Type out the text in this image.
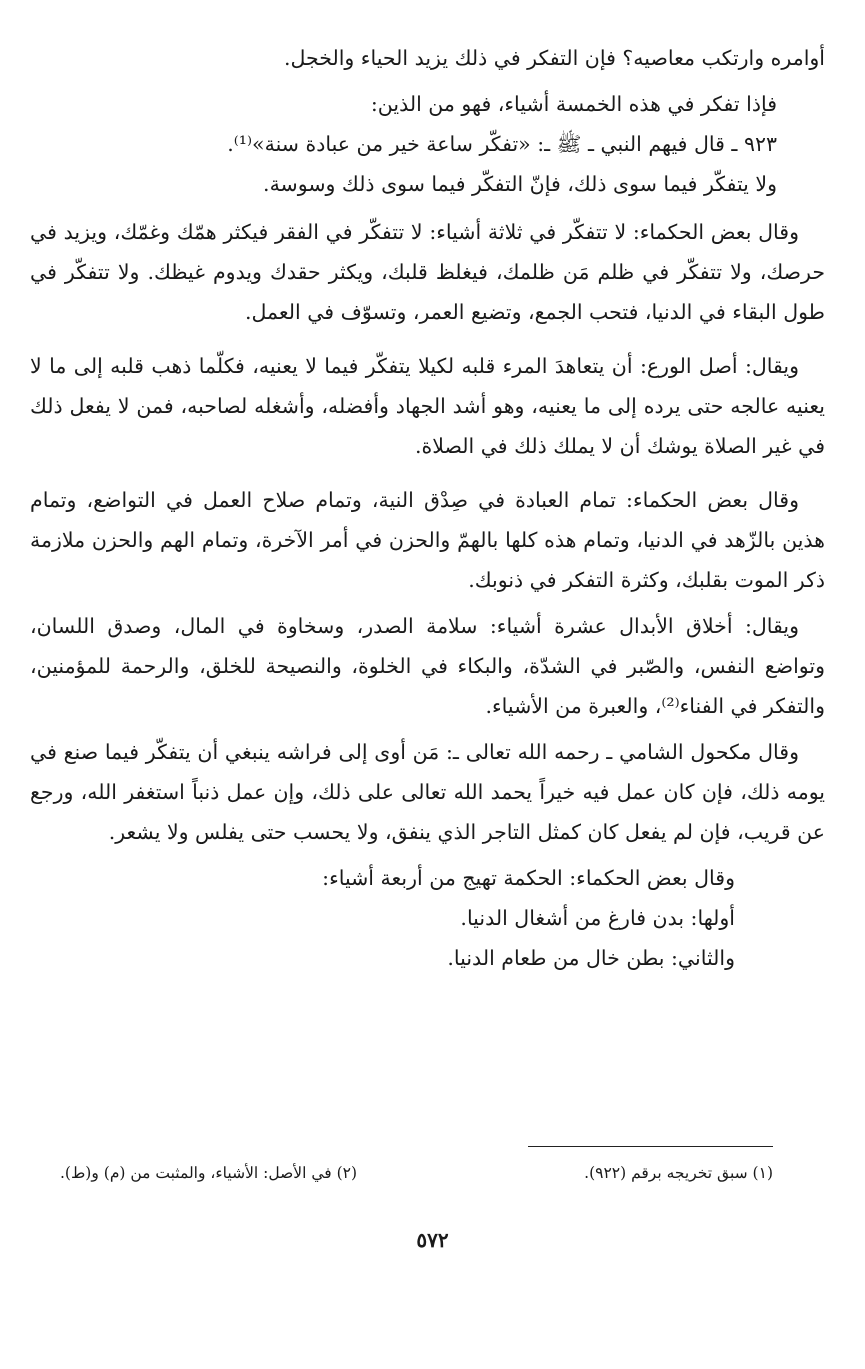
أوامره وارتكب معاصيه؟ فإن التفكر في ذلك يزيد الحياء والخجل.

فإذا تفكر في هذه الخمسة أشياء، فهو من الذين:

٩٢٣ ـ قال فيهم النبي ـ ﷺ ـ: «تفكّر ساعة خير من عبادة سنة»⁽¹⁾.

ولا يتفكّر فيما سوى ذلك، فإنّ التفكّر فيما سوى ذلك وسوسة.

وقال بعض الحكماء: لا تتفكّر في ثلاثة أشياء: لا تتفكّر في الفقر فيكثر همّك وغمّك، ويزيد في حرصك، ولا تتفكّر في ظلم مَن ظلمك، فيغلظ قلبك، ويكثر حقدك ويدوم غيظك. ولا تتفكّر في طول البقاء في الدنيا، فتحب الجمع، وتضيع العمر، وتسوّف في العمل.

ويقال: أصل الورع: أن يتعاهدَ المرء قلبه لكيلا يتفكّر فيما لا يعنيه، فكلّما ذهب قلبه إلى ما لا يعنيه عالجه حتى يرده إلى ما يعنيه، وهو أشد الجهاد وأفضله، وأشغله لصاحبه، فمن لا يفعل ذلك في غير الصلاة يوشك أن لا يملك ذلك في الصلاة.

وقال بعض الحكماء: تمام العبادة في صِدْق النية، وتمام صلاح العمل في التواضع، وتمام هذين بالزّهد في الدنيا، وتمام هذه كلها بالهمّ والحزن في أمر الآخرة، وتمام الهم والحزن ملازمة ذكر الموت بقلبك، وكثرة التفكر في ذنوبك.

ويقال: أخلاق الأبدال عشرة أشياء: سلامة الصدر، وسخاوة في المال، وصدق اللسان، وتواضع النفس، والصّبر في الشدّة، والبكاء في الخلوة، والنصيحة للخلق، والرحمة للمؤمنين، والتفكر في الفناء⁽²⁾، والعبرة من الأشياء.

وقال مكحول الشامي ـ رحمه الله تعالى ـ: مَن أوى إلى فراشه ينبغي أن يتفكّر فيما صنع في يومه ذلك، فإن كان عمل فيه خيراً يحمد الله تعالى على ذلك، وإن عمل ذنباً استغفر الله، ورجع عن قريب، فإن لم يفعل كان كمثل التاجر الذي ينفق، ولا يحسب حتى يفلس ولا يشعر.

وقال بعض الحكماء: الحكمة تهيج من أربعة أشياء:

أولها: بدن فارغ من أشغال الدنيا.

والثاني: بطن خال من طعام الدنيا.

(١) سبق تخريجه برقم (٩٢٢).
(٢) في الأصل: الأشياء، والمثبت من (م) و(ط).
٥٧٢
